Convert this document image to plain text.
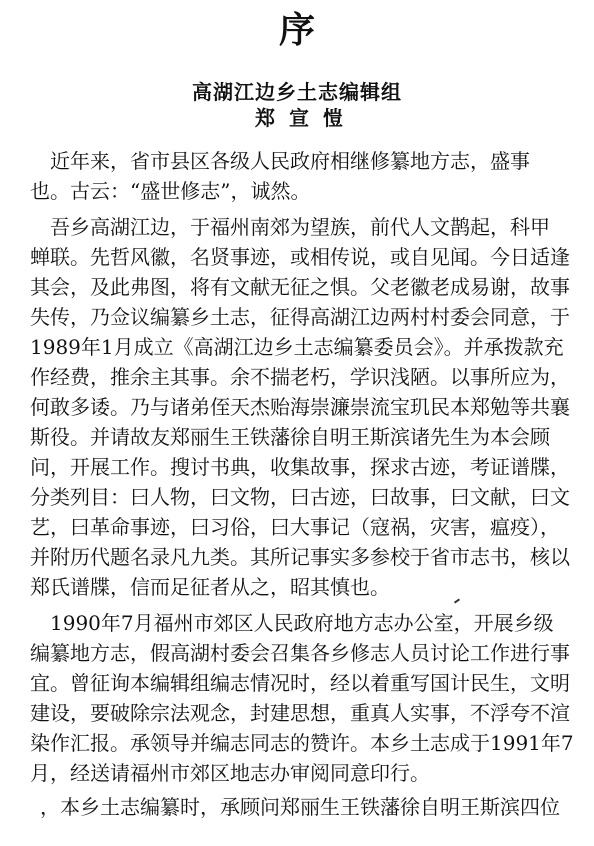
序
高湖江边乡土志编辑组
郑宣愷
近年来，省市县区各级人民政府相继修纂地方志，盛事
也。古云：“盛世修志”，诚然。
吾乡高湖江边，于福州南郊为望族，前代人文鹊起，科甲
蝉联。先哲风徽，名贤事迹，或相传说，或自见闻。今日适逢
其会，及此弗图，将有文献无征之惧。父老徽老成易谢，故事
失传，乃佥议编纂乡土志，征得高湖江边两村村委会同意，于
1989年1月成立《高湖江边乡土志编纂委员会》。并承拨款充
作经费，推余主其事。余不揣老朽，学识浅陋。以事所应为，
何敢多诿。乃与诸弟侄天杰贻海崇濂崇流宝玑民本郑勉等共襄
斯役。并请故友郑丽生王铁藩徐自明王斯滨诸先生为本会顾
问，开展工作。搜讨书典，收集故事，探求古迹，考证谱牒，
分类列目：曰人物，曰文物，曰古迹，曰故事，曰文献，曰文
艺，曰革命事迹，曰习俗，曰大事记（寇祸，灾害，瘟疫），
并附历代题名录凡九类。其所记事实多参校于省市志书，核以
郑氏谱牒，信而足征者从之，昭其慎也。
1990年7月福州市郊区人民政府地方志办公室，开展乡级
编纂地方志，假高湖村委会召集各乡修志人员讨论工作进行事
宜。曾征询本编辑组编志情况时，经以着重写国计民生，文明
建设，要破除宗法观念，封建思想，重真人实事，不浮夸不渲
染作汇报。承领导并编志同志的赞许。本乡土志成于1991年7
月，经送请福州市郊区地志办审阅同意印行。
，本乡土志编纂时，承顾问郑丽生王铁藩徐自明王斯滨四位
